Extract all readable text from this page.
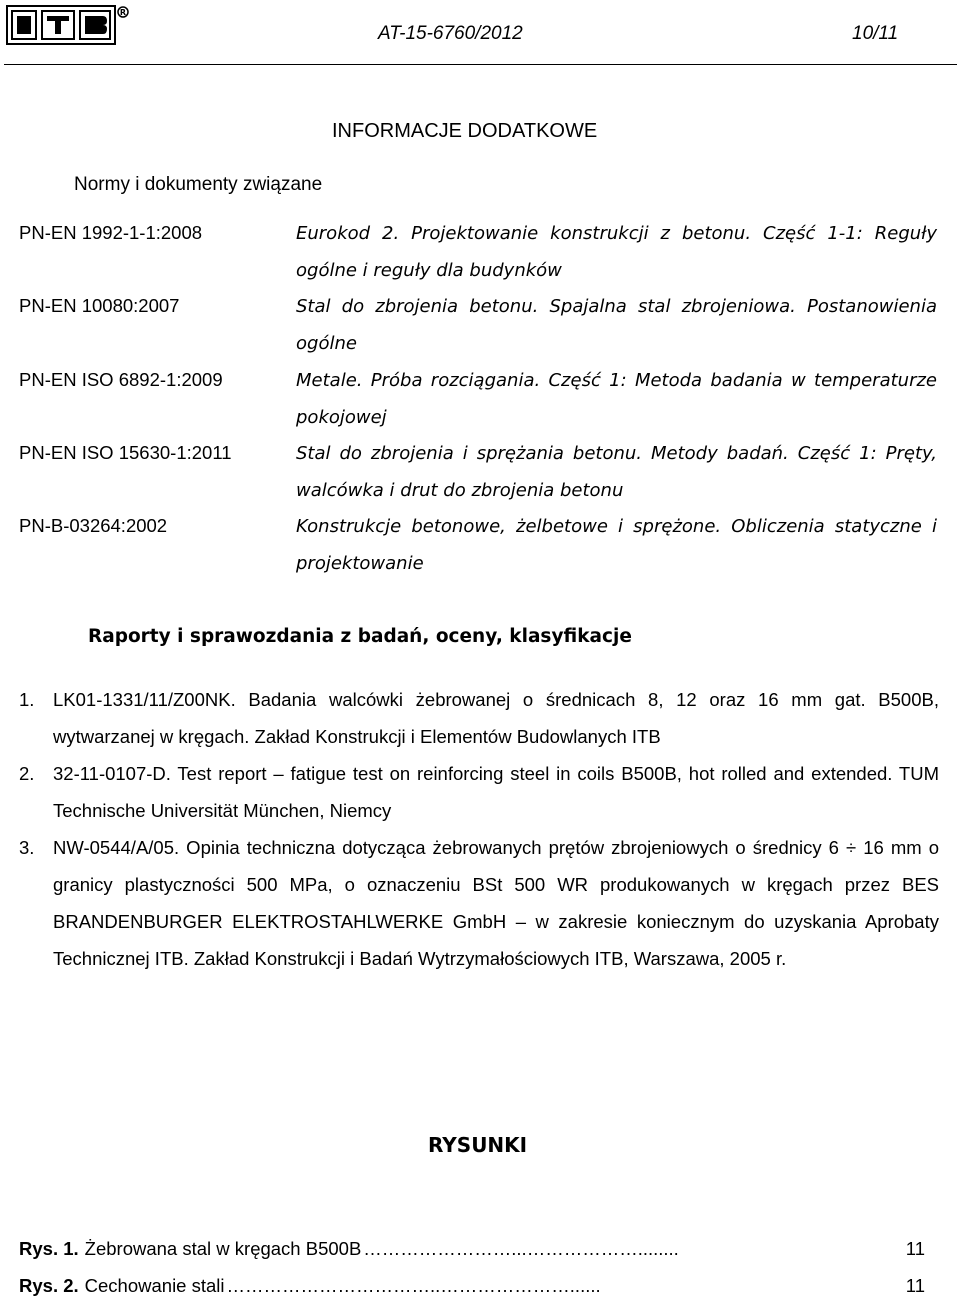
R
AT-15-6760/2012	10/11
INFORMACJE DODATKOWE
Normy i dokumenty związane
PN-EN 1992-1-1:2008	Eurokod 2. Projektowanie konstrukcji z betonu. Część 1-1: Reguły ogólne i reguły dla budynków
PN-EN 10080:2007	Stal do zbrojenia betonu. Spajalna stal zbrojeniowa. Postanowienia ogólne
PN-EN ISO 6892-1:2009	Metale. Próba rozciągania. Część 1: Metoda badania w temperaturze pokojowej
PN-EN ISO 15630-1:2011	Stal do zbrojenia i sprężania betonu. Metody badań. Część 1: Pręty, walcówka i drut do zbrojenia betonu
PN-B-03264:2002	Konstrukcje betonowe, żelbetowe i sprężone. Obliczenia statyczne i projektowanie
Raporty i sprawozdania z badań, oceny, klasyfikacje
1. LK01-1331/11/Z00NK. Badania walcówki żebrowanej o średnicach 8, 12 oraz 16 mm gat. B500B, wytwarzanej w kręgach. Zakład Konstrukcji i Elementów Budowlanych ITB
2. 32-11-0107-D. Test report – fatigue test on reinforcing steel in coils B500B, hot rolled and extended. TUM Technische Universität München, Niemcy
3. NW-0544/A/05. Opinia techniczna dotycząca żebrowanych prętów zbrojeniowych o średnicy 6 ÷ 16 mm o granicy plastyczności 500 MPa, o oznaczeniu BSt 500 WR produkowanych w kręgach przez BES BRANDENBURGER ELEKTROSTAHLWERKE GmbH – w zakresie koniecznym do uzyskania Aprobaty Technicznej ITB. Zakład Konstrukcji i Badań Wytrzymałościowych ITB, Warszawa, 2005 r.
RYSUNKI
Rys. 1. Żebrowana stal w kręgach B500B ……………………...………………........	11
Rys. 2. Cechowanie stali ……………………………..…………………......	11
